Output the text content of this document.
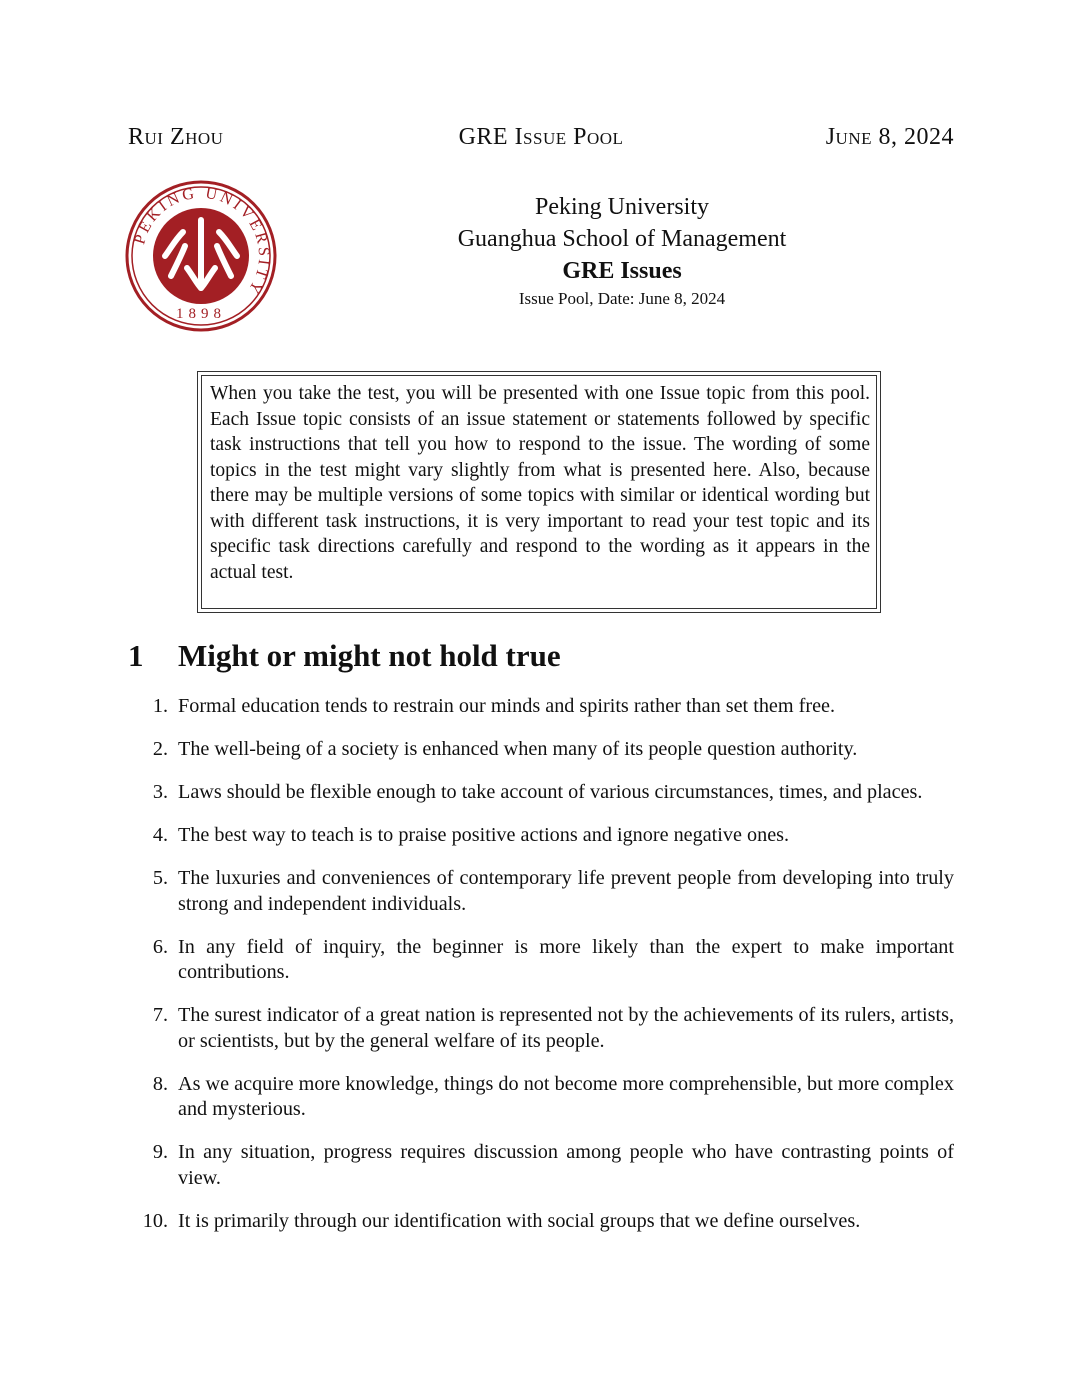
Rui Zhou	GRE Issue Pool	June 8, 2024
PEKING UNIVERSITY
1898
Peking University
Guanghua School of Management
GRE Issues
Issue Pool, Date: June 8, 2024
When you take the test, you will be presented with one Issue topic from this pool. Each Issue topic consists of an issue statement or statements followed by specific task instructions that tell you how to respond to the issue. The wording of some topics in the test might vary slightly from what is presented here. Also, because there may be multiple versions of some topics with similar or identical wording but with different task instructions, it is very important to read your test topic and its specific task directions carefully and respond to the wording as it appears in the actual test.
1 Might or might not hold true
1. Formal education tends to restrain our minds and spirits rather than set them free.
2. The well-being of a society is enhanced when many of its people question authority.
3. Laws should be flexible enough to take account of various circumstances, times, and places.
4. The best way to teach is to praise positive actions and ignore negative ones.
5. The luxuries and conveniences of contemporary life prevent people from developing into truly strong and independent individuals.
6. In any field of inquiry, the beginner is more likely than the expert to make important contributions.
7. The surest indicator of a great nation is represented not by the achievements of its rulers, artists, or scientists, but by the general welfare of its people.
8. As we acquire more knowledge, things do not become more comprehensible, but more complex and mysterious.
9. In any situation, progress requires discussion among people who have contrasting points of view.
10. It is primarily through our identification with social groups that we define ourselves.
